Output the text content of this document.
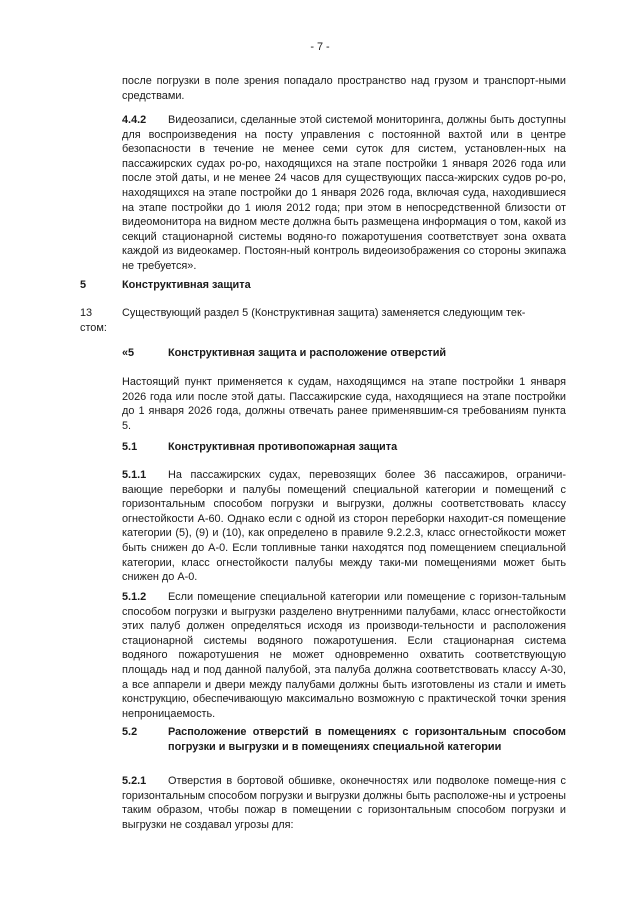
- 7 -
после погрузки в поле зрения попадало пространство над грузом и транспорт-ными средствами.
4.4.2 Видеозаписи, сделанные этой системой мониторинга, должны быть доступны для воспроизведения на посту управления с постоянной вахтой или в центре безопасности в течение не менее семи суток для систем, установлен-ных на пассажирских судах ро-ро, находящихся на этапе постройки 1 января 2026 года или после этой даты, и не менее 24 часов для существующих пасса-жирских судов ро-ро, находящихся на этапе постройки до 1 января 2026 года, включая суда, находившиеся на этапе постройки до 1 июля 2012 года; при этом в непосредственной близости от видеомонитора на видном месте должна быть размещена информация о том, какой из секций стационарной системы водяно-го пожаротушения соответствует зона охвата каждой из видеокамер. Постоян-ный контроль видеоизображения со стороны экипажа не требуется».
5	Конструктивная защита
13
стом:
Существующий раздел 5 (Конструктивная защита) заменяется следующим тек-
«5	Конструктивная защита и расположение отверстий
Настоящий пункт применяется к судам, находящимся на этапе постройки 1 января 2026 года или после этой даты. Пассажирские суда, находящиеся на этапе постройки до 1 января 2026 года, должны отвечать ранее применявшим-ся требованиям пункта 5.
5.1	Конструктивная противопожарная защита
5.1.1 На пассажирских судах, перевозящих более 36 пассажиров, ограничи-вающие переборки и палубы помещений специальной категории и помещений с горизонтальным способом погрузки и выгрузки, должны соответствовать классу огнестойкости А-60. Однако если с одной из сторон переборки находит-ся помещение категории (5), (9) и (10), как определено в правиле 9.2.2.3, класс огнестойкости может быть снижен до А-0. Если топливные танки находятся под помещением специальной категории, класс огнестойкости палубы между таки-ми помещениями может быть снижен до А-0.
5.1.2 Если помещение специальной категории или помещение с горизон-тальным способом погрузки и выгрузки разделено внутренними палубами, класс огнестойкости этих палуб должен определяться исходя из производи-тельности и расположения стационарной системы водяного пожаротушения. Если стационарная система водяного пожаротушения не может одновременно охватить соответствующую площадь над и под данной палубой, эта палуба должна соответствовать классу А-30, а все аппарели и двери между палубами должны быть изготовлены из стали и иметь конструкцию, обеспечивающую максимально возможную с практической точки зрения непроницаемость.
5.2	Расположение отверстий в помещениях с горизонтальным способом погрузки и выгрузки и в помещениях специальной категории
5.2.1 Отверстия в бортовой обшивке, оконечностях или подволоке помеще-ния с горизонтальным способом погрузки и выгрузки должны быть расположе-ны и устроены таким образом, чтобы пожар в помещении с горизонтальным способом погрузки и выгрузки не создавал угрозы для:
